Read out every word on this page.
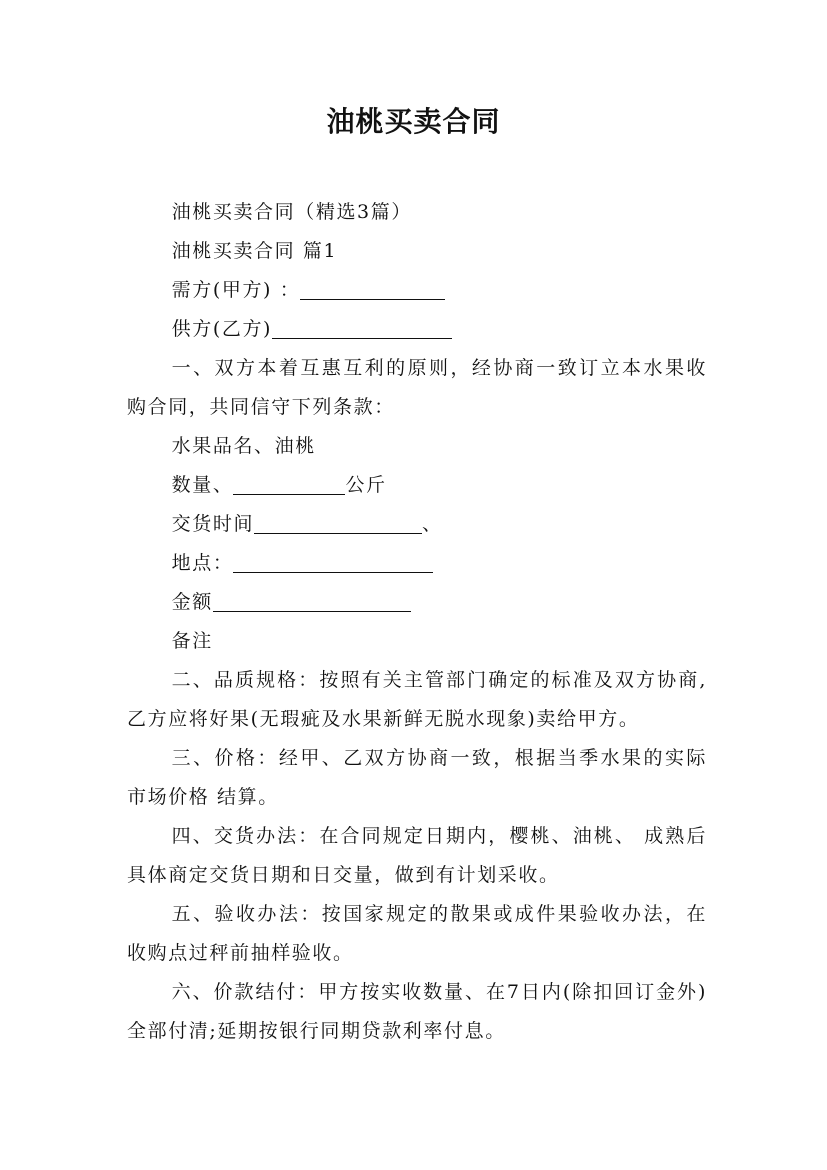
油桃买卖合同

油桃买卖合同（精选3篇）

油桃买卖合同 篇1

需方(甲方) ：

供方(乙方)

一、双方本着互惠互利的原则，经协商一致订立本水果收购合同，共同信守下列条款：

水果品名、油桃

数量、	公斤

交货时间	、

地点：

金额

备注

二、品质规格：按照有关主管部门确定的标准及双方协商,乙方应将好果(无瑕疵及水果新鲜无脱水现象)卖给甲方。

三、价格：经甲、乙双方协商一致，根据当季水果的实际市场价格 结算。

四、交货办法：在合同规定日期内，樱桃、油桃、 成熟后具体商定交货日期和日交量，做到有计划采收。

五、验收办法：按国家规定的散果或成件果验收办法，在收购点过秤前抽样验收。

六、价款结付：甲方按实收数量、在7日内(除扣回订金外)全部付清;延期按银行同期贷款利率付息。
